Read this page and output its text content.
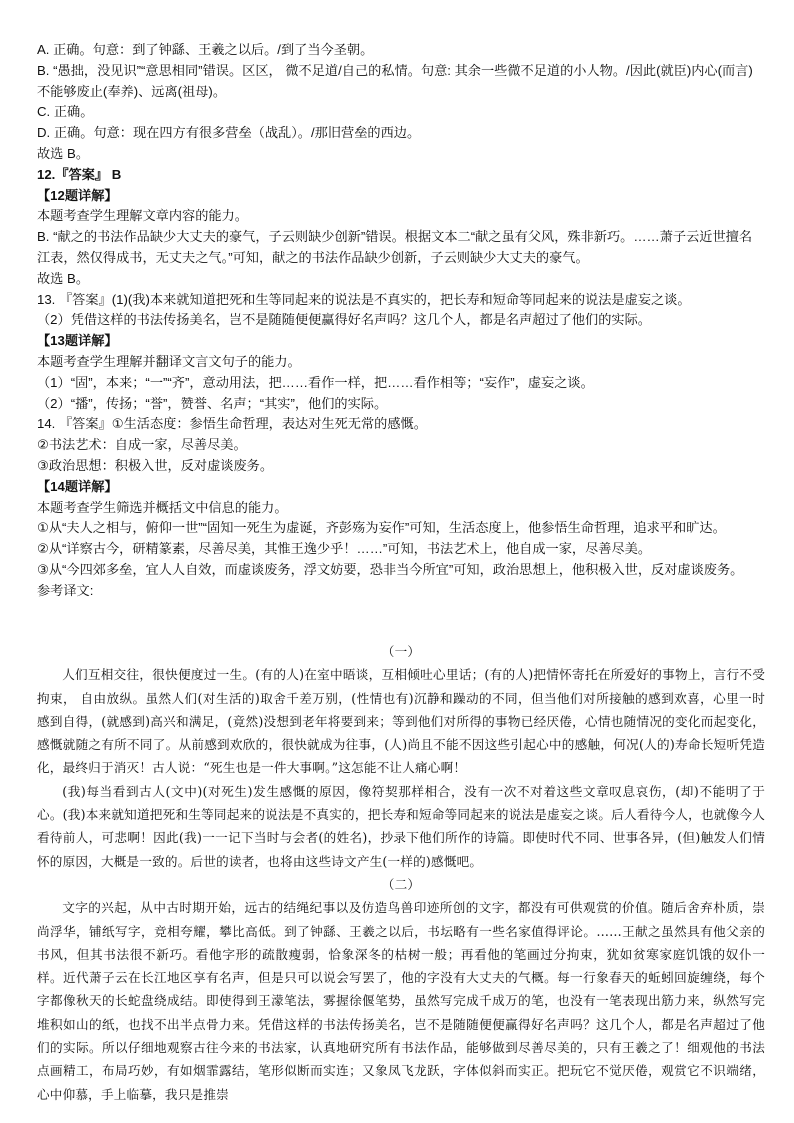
A. 正确。句意：到了钟繇、王羲之以后。/到了当今圣朝。

B. “愚拙，没见识”“意思相同”错误。区区， 微不足道/自己的私情。句意: 其余一些微不足道的小人物。/因此(就臣)内心(而言)不能够废止(奉养)、远离(祖母)。

C. 正确。

D. 正确。句意：现在四方有很多营垒（战乱）。/那旧营垒的西边。

故选 B。

12.『答案』 B

【12题详解】

本题考查学生理解文章内容的能力。

B. “献之的书法作品缺少大丈夫的豪气，子云则缺少创新”错误。根据文本二“献之虽有父风，殊非新巧。……萧子云近世擅名江表，然仅得成书，无丈夫之气。”可知，献之的书法作品缺少创新，子云则缺少大丈夫的豪气。

故选 B。

13. 『答案』(1)(我)本来就知道把死和生等同起来的说法是不真实的，把长寿和短命等同起来的说法是虚妄之谈。

（2）凭借这样的书法传扬美名，岂不是随随便便赢得好名声吗？这几个人，都是名声超过了他们的实际。

【13题详解】

本题考查学生理解并翻译文言文句子的能力。

（1）“固”，本来；“一”“齐”，意动用法，把……看作一样，把……看作相等；“妄作”，虚妄之谈。

（2）“播”，传扬；“誉”，赞誉、名声；“其实”，他们的实际。

14. 『答案』①生活态度：参悟生命哲理，表达对生死无常的感慨。

②书法艺术：自成一家，尽善尽美。

③政治思想：积极入世，反对虚谈废务。

【14题详解】

本题考查学生筛选并概括文中信息的能力。

①从“夫人之相与，俯仰一世”“固知一死生为虚诞，齐彭殇为妄作”可知，生活态度上，他参悟生命哲理，追求平和旷达。

②从“详察古今，研精篆素，尽善尽美，其惟王逸少乎！……”可知，书法艺术上，他自成一家，尽善尽美。

③从“今四郊多垒，宜人人自效，而虚谈废务，浮文妨要，恐非当今所宜”可知，政治思想上，他积极入世，反对虚谈废务。

参考译文:

（一）

人们互相交往，很快便度过一生。(有的人)在室中晤谈，互相倾吐心里话；(有的人)把情怀寄托在所爱好的事物上，言行不受拘束， 自由放纵。虽然人们(对生活的)取舍千差万别，(性情也有)沉静和躁动的不同，但当他们对所接触的感到欢喜，心里一时感到自得，(就感到)高兴和满足，(竟然)没想到老年将要到来；等到他们对所得的事物已经厌倦，心情也随情况的变化而起变化，感慨就随之有所不同了。从前感到欢欣的，很快就成为往事，(人)尚且不能不因这些引起心中的感触，何况(人的)寿命长短听凭造化，最终归于消灭！古人说：“死生也是一件大事啊。”这怎能不让人痛心啊！

(我)每当看到古人(文中)(对死生)发生感慨的原因，像符契那样相合，没有一次不对着这些文章叹息哀伤，(却)不能明了于心。(我)本来就知道把死和生等同起来的说法是不真实的，把长寿和短命等同起来的说法是虚妄之谈。后人看待今人，也就像今人看待前人，可悲啊！因此(我)一一记下当时与会者(的姓名)，抄录下他们所作的诗篇。即使时代不同、世事各异，(但)触发人们情怀的原因，大概是一致的。后世的读者，也将由这些诗文产生(一样的)感慨吧。

（二）

文字的兴起，从中古时期开始，远古的结绳纪事以及仿造鸟兽印迹所创的文字，都没有可供观赏的价值。随后舍弃朴质，崇尚浮华，铺纸写字，竞相夸耀，攀比高低。到了钟繇、王羲之以后，书坛略有一些名家值得评论。……王献之虽然具有他父亲的书风，但其书法很不新巧。看他字形的疏散瘦弱，恰象深冬的枯树一般；再看他的笔画过分拘束，犹如贫寒家庭饥饿的奴仆一样。近代萧子云在长江地区享有名声，但是只可以说会写罢了，他的字没有大丈夫的气概。每一行象春天的蚯蚓回旋缠绕，每个字都像秋天的长蛇盘绕成结。即使得到王濛笔法，雾握徐偃笔势，虽然写完成千成万的笔，也没有一笔表现出筋力来，纵然写完堆积如山的纸，也找不出半点骨力来。凭借这样的书法传扬美名，岂不是随随便便赢得好名声吗？这几个人，都是名声超过了他们的实际。所以仔细地观察古往今来的书法家，认真地研究所有书法作品，能够做到尽善尽美的，只有王羲之了！细观他的书法点画精工，布局巧妙，有如烟霏露结，笔形似断而实连；又象凤飞龙跃，字体似斜而实正。把玩它不觉厌倦，观赏它不识端绪，心中仰慕，手上临摹，我只是推崇
